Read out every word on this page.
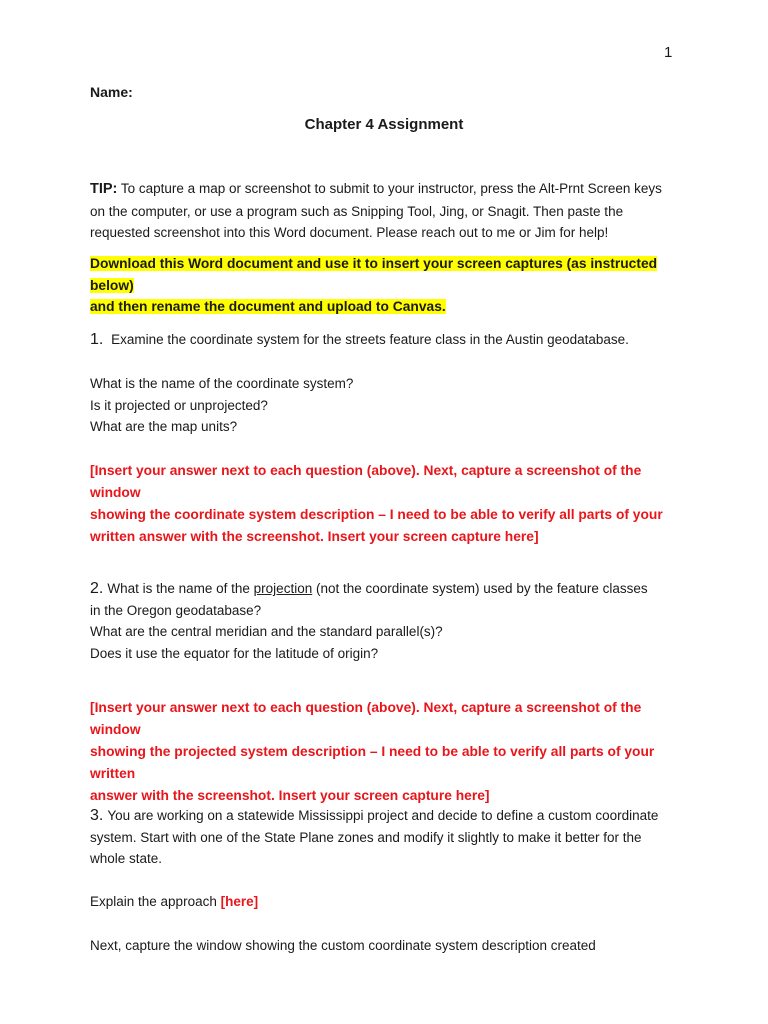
1
Name:
Chapter 4 Assignment
TIP: To capture a map or screenshot to submit to your instructor, press the Alt-Prnt Screen keys
on the computer, or use a program such as Snipping Tool, Jing, or Snagit. Then paste the
requested screenshot into this Word document. Please reach out to me or Jim for help!
Download this Word document and use it to insert your screen captures (as instructed below)
and then rename the document and upload to Canvas.
1. Examine the coordinate system for the streets feature class in the Austin geodatabase.
What is the name of the coordinate system?
Is it projected or unprojected?
What are the map units?
[Insert your answer next to each question (above). Next, capture a screenshot of the window
showing the coordinate system description – I need to be able to verify all parts of your
written answer with the screenshot. Insert your screen capture here]
2. What is the name of the projection (not the coordinate system) used by the feature classes
in the Oregon geodatabase?
What are the central meridian and the standard parallel(s)?
Does it use the equator for the latitude of origin?
[Insert your answer next to each question (above). Next, capture a screenshot of the window
showing the projected system description – I need to be able to verify all parts of your written
answer with the screenshot. Insert your screen capture here]
3. You are working on a statewide Mississippi project and decide to define a custom coordinate
system. Start with one of the State Plane zones and modify it slightly to make it better for the
whole state.
Explain the approach [here]
Next, capture the window showing the custom coordinate system description created
